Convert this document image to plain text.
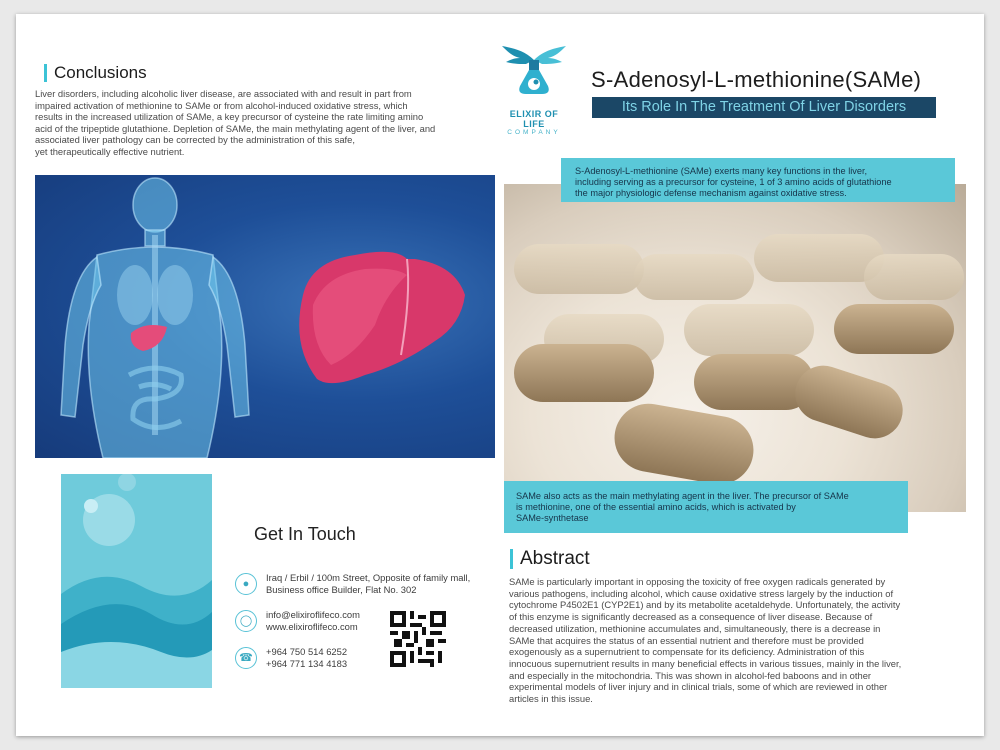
Conclusions
Liver disorders, including alcoholic liver disease, are associated with and result in part from
impaired activation of methionine to SAMe or from alcohol-induced oxidative stress, which
results in the increased utilization of SAMe, a key precursor of cysteine the rate limiting amino
acid of the tripeptide glutathione. Depletion of SAMe, the main methylating agent of the liver, and
associated liver pathology can be corrected by the administration of this safe,
yet therapeutically effective nutrient.
ELIXIR OF LIFE
COMPANY
S-Adenosyl-L-methionine(SAMe)
Its Role In The Treatment Of Liver Disorders
S-Adenosyl-L-methionine (SAMe) exerts many key functions in the liver,
including serving as a precursor for cysteine, 1 of 3 amino acids of glutathione
the major physiologic defense mechanism against oxidative stress.
SAMe also acts as the main methylating agent in the liver. The precursor of SAMe
is methionine, one of the essential amino acids, which is activated by
SAMe-synthetase
Get In Touch
●
Iraq / Erbil / 100m Street, Opposite of family mall,
Business office Builder, Flat No. 302
◯
info@elixiroflifeco.com
www.elixiroflifeco.com
☎
+964 750 514 6252
+964 771 134 4183
Abstract
SAMe is particularly important in opposing the toxicity of free oxygen radicals generated by
various pathogens, including alcohol, which cause oxidative stress largely by the induction of
cytochrome P4502E1 (CYP2E1) and by its metabolite acetaldehyde. Unfortunately, the activity
of this enzyme is significantly decreased as a consequence of liver disease. Because of
decreased utilization, methionine accumulates and, simultaneously, there is a decrease in
SAMe that acquires the status of an essential nutrient and therefore must be provided
exogenously as a supernutrient to compensate for its deficiency. Administration of this
innocuous supernutrient results in many beneficial effects in various tissues, mainly in the liver,
and especially in the mitochondria. This was shown in alcohol-fed baboons and in other
experimental models of liver injury and in clinical trials, some of which are reviewed in other
articles in this issue.
